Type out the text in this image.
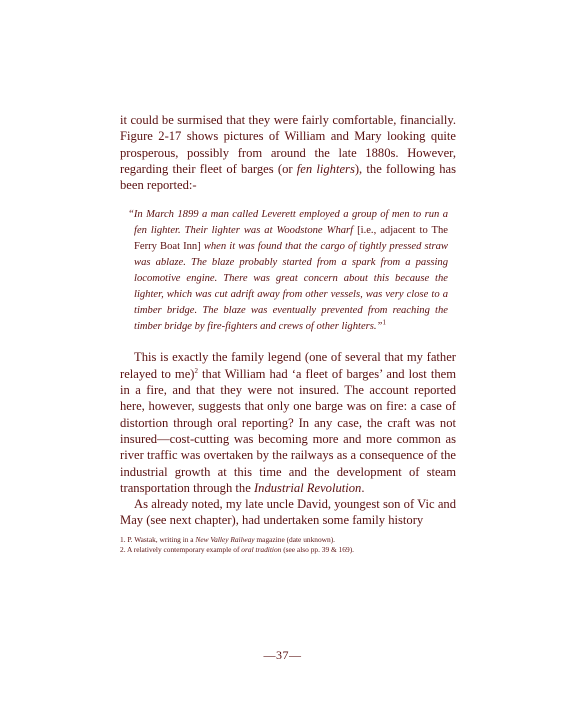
it could be surmised that they were fairly comfortable, financially. Figure 2-17 shows pictures of William and Mary looking quite prosperous, possibly from around the late 1880s. However, regarding their fleet of barges (or fen lighters), the following has been reported:-

“In March 1899 a man called Leverett employed a group of men to run a fen lighter. Their lighter was at Woodstone Wharf [i.e., adjacent to The Ferry Boat Inn] when it was found that the cargo of tightly pressed straw was ablaze. The blaze probably started from a spark from a passing locomotive engine. There was great concern about this because the lighter, which was cut adrift away from other vessels, was very close to a timber bridge. The blaze was eventually prevented from reaching the timber bridge by fire-fighters and crews of other lighters.”$^1$

This is exactly the family legend (one of several that my father relayed to me)$^2$ that William had ‘a fleet of barges’ and lost them in a fire, and that they were not insured. The account reported here, however, suggests that only one barge was on fire: a case of distortion through oral reporting? In any case, the craft was not insured—cost-cutting was becoming more and more common as river traffic was overtaken by the railways as a consequence of the industrial growth at this time and the development of steam transportation through the Industrial Revolution.

As already noted, my late uncle David, youngest son of Vic and May (see next chapter), had undertaken some family history

1. P. Wastak, writing in a New Valley Railway magazine (date unknown).

2. A relatively contemporary example of oral tradition (see also pp. 39 & 169).

—37—
